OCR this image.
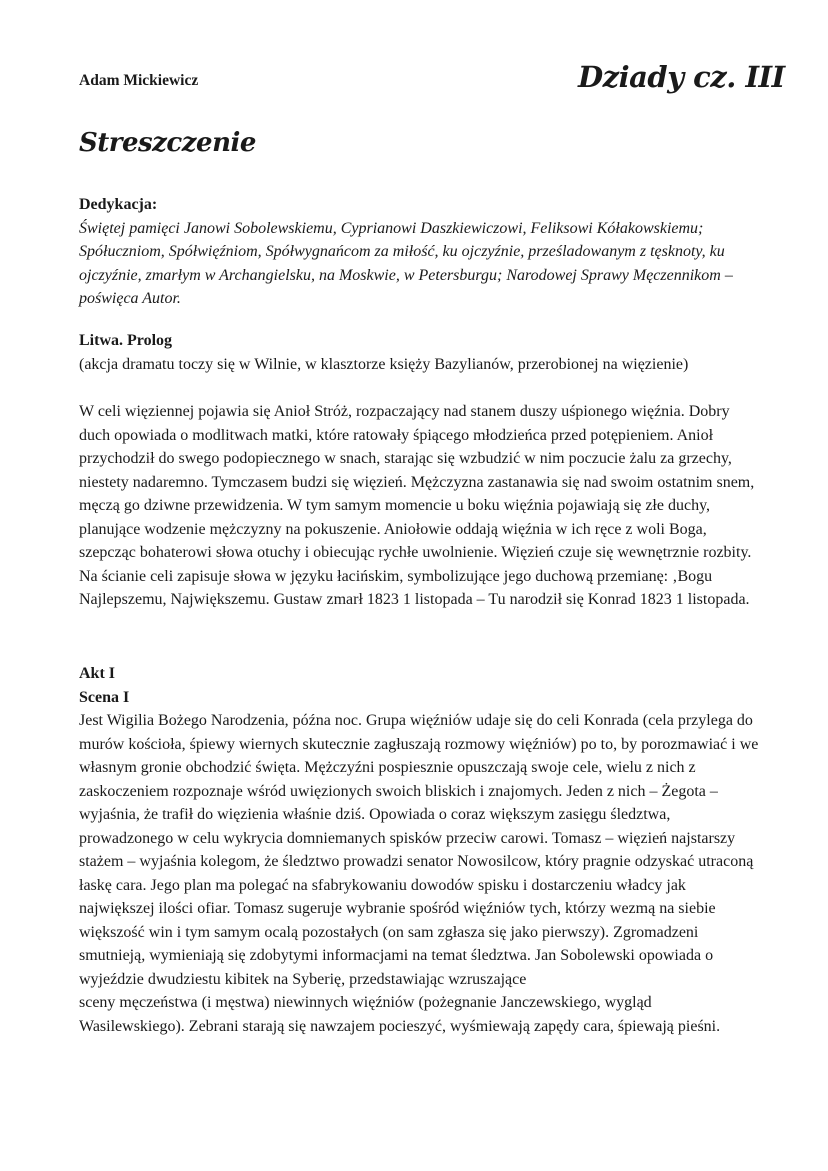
Adam Mickiewicz	Dziady cz. III
Streszczenie

Dedykacja:

Świętej pamięci Janowi Sobolewskiemu, Cyprianowi Daszkiewiczowi, Feliksowi Kółakowskiemu; Spółuczniom, Spółwięźniom, Spółwygnańcom za miłość, ku ojczyźnie, prześladowanym z tęsknoty, ku ojczyźnie, zmarłym w Archangielsku, na Moskwie, w Petersburgu; Narodowej Sprawy Męczennikom – poświęca Autor.

Litwa. Prolog

(akcja dramatu toczy się w Wilnie, w klasztorze księży Bazylianów, przerobionej na więzienie)

W celi więziennej pojawia się Anioł Stróż, rozpaczający nad stanem duszy uśpionego więźnia. Dobry duch opowiada o modlitwach matki, które ratowały śpiącego młodzieńca przed potępieniem. Anioł przychodził do swego podopiecznego w snach, starając się wzbudzić w nim poczucie żalu za grzechy, niestety nadaremno. Tymczasem budzi się więzień. Mężczyzna zastanawia się nad swoim ostatnim snem, męczą go dziwne przewidzenia. W tym samym momencie u boku więźnia pojawiają się złe duchy, planujące wodzenie mężczyzny na pokuszenie. Aniołowie oddają więźnia w ich ręce z woli Boga, szepcząc bohaterowi słowa otuchy i obiecując rychłe uwolnienie. Więzień czuje się wewnętrznie rozbity. Na ścianie celi zapisuje słowa w języku łacińskim, symbolizujące jego duchową przemianę: ‚Bogu Najlepszemu, Największemu. Gustaw zmarł 1823 1 listopada – Tu narodził się Konrad 1823 1 listopada.

Akt I

Scena I

Jest Wigilia Bożego Narodzenia, późna noc. Grupa więźniów udaje się do celi Konrada (cela przylega do murów kościoła, śpiewy wiernych skutecznie zagłuszają rozmowy więźniów) po to, by porozmawiać i we własnym gronie obchodzić święta. Mężczyźni pospiesznie opuszczają swoje cele, wielu z nich z zaskoczeniem rozpoznaje wśród uwięzionych swoich bliskich i znajomych. Jeden z nich – Żegota – wyjaśnia, że trafił do więzienia właśnie dziś. Opowiada o coraz większym zasięgu śledztwa, prowadzonego w celu wykrycia domniemanych spisków przeciw carowi. Tomasz – więzień najstarszy stażem – wyjaśnia kolegom, że śledztwo prowadzi senator Nowosilcow, który pragnie odzyskać utraconą łaskę cara. Jego plan ma polegać na sfabrykowaniu dowodów spisku i dostarczeniu władcy jak największej ilości ofiar. Tomasz sugeruje wybranie spośród więźniów tych, którzy wezmą na siebie większość win i tym samym ocalą pozostałych (on sam zgłasza się jako pierwszy). Zgromadzeni smutnieją, wymieniają się zdobytymi informacjami na temat śledztwa. Jan Sobolewski opowiada o wyjeździe dwudziestu kibitek na Syberię, przedstawiając wzruszające

sceny męczeństwa (i męstwa) niewinnych więźniów (pożegnanie Janczewskiego, wygląd Wasilewskiego). Zebrani starają się nawzajem pocieszyć, wyśmiewają zapędy cara, śpiewają pieśni.
